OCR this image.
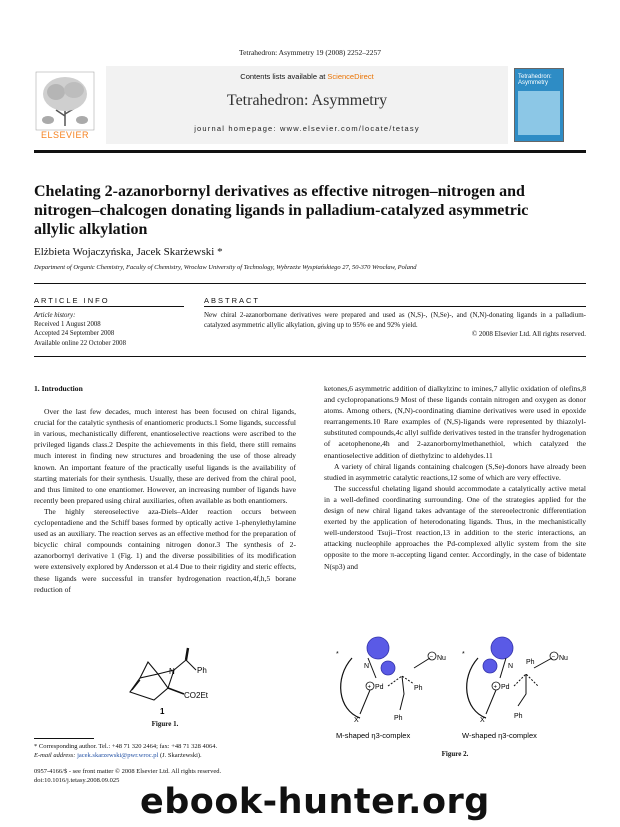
Tetrahedron: Asymmetry 19 (2008) 2252–2257
ELSEVIER
Contents lists available at ScienceDirect
Tetrahedron: Asymmetry
journal homepage: www.elsevier.com/locate/tetasy
Tetrahedron: Asymmetry
Chelating 2-azanorbornyl derivatives as effective nitrogen–nitrogen and nitrogen–chalcogen donating ligands in palladium-catalyzed asymmetric allylic alkylation
Elżbieta Wojaczyńska, Jacek Skarżewski *
Department of Organic Chemistry, Faculty of Chemistry, Wrocław University of Technology, Wybrzeże Wyspiańskiego 27, 50-370 Wrocław, Poland
ARTICLE INFO	ABSTRACT
Article history:
Received 1 August 2008
Accepted 24 September 2008
Available online 22 October 2008
New chiral 2-azanorbornane derivatives were prepared and used as (N,S)-, (N,Se)-, and (N,N)-donating ligands in a palladium-catalyzed asymmetric allylic alkylation, giving up to 95% ee and 92% yield.
© 2008 Elsevier Ltd. All rights reserved.

1. Introduction

Over the last few decades, much interest has been focused on chiral ligands, crucial for the catalytic synthesis of enantiomeric products.1 Some ligands, successful in various, mechanistically different, enantioselective reactions were ascribed to the privileged ligands class.2 Despite the achievements in this field, there still remains much interest in finding new structures and broadening the use of those already known. An important feature of the practically useful ligands is the availability of starting materials for their synthesis. Usually, these are derived from the chiral pool, and thus limited to one enantiomer. However, an increasing number of ligands have recently been prepared using chiral auxiliaries, often available as both enantiomers.

The highly stereoselective aza-Diels–Alder reaction occurs between cyclopentadiene and the Schiff bases formed by optically active 1-phenylethylamine used as an auxiliary. The reaction serves as an effective method for the preparation of bicyclic chiral compounds containing nitrogen donor.3 The synthesis of 2-azanorbornyl derivative 1 (Fig. 1) and the diverse possibilities of its modification were extensively explored by Andersson et al.4 Due to their rigidity and steric effects, these ligands were successful in transfer hydrogenation reaction,4f,h,5 borane reduction of

ketones,6 asymmetric addition of dialkylzinc to imines,7 allylic oxidation of olefins,8 and cyclopropanations.9 Most of these ligands contain nitrogen and oxygen as donor atoms. Among others, (N,N)-coordinating diamine derivatives were used in epoxide rearrangements.10 Rare examples of (N,S)-ligands were represented by thiazolyl-substituted compounds,4c allyl sulfide derivatives tested in the transfer hydrogenation of acetophenone,4h and 2-azanorbornylmethanethiol, which catalyzed the enantioselective addition of diethylzinc to aldehydes.11

A variety of chiral ligands containing chalcogen (S,Se)-donors have already been studied in asymmetric catalytic reactions,12 some of which are very effective.

The successful chelating ligand should accommodate a catalytically active metal in a well-defined coordinating surrounding. One of the strategies applied for the design of new chiral ligand takes advantage of the stereoelectronic differentiation exerted by the application of heterodonating ligands. Thus, in the mechanistically well-understood Tsuji–Trost reaction,13 in addition to the steric interactions, an attacking nucleophile approaches the Pd-complexed allylic system from the site opposite to the more π-accepting ligand center. Accordingly, in the case of bidentate N(sp3) and

N	Ph
CO2Et
1
Figure 1.
+
−
N
Pd
Nu
Ph
Ph
X
*
M-shaped η3-complex
+
−
N
Pd
Nu
Ph
Ph
X
*
W-shaped η3-complex
Figure 2.
* Corresponding author. Tel.: +48 71 320 2464; fax: +48 71 328 4064.
E-mail address: jacek.skarzewski@pwr.wroc.pl (J. Skarżewski).
0957-4166/$ - see front matter © 2008 Elsevier Ltd. All rights reserved.
doi:10.1016/j.tetasy.2008.09.025
ebook-hunter.org
